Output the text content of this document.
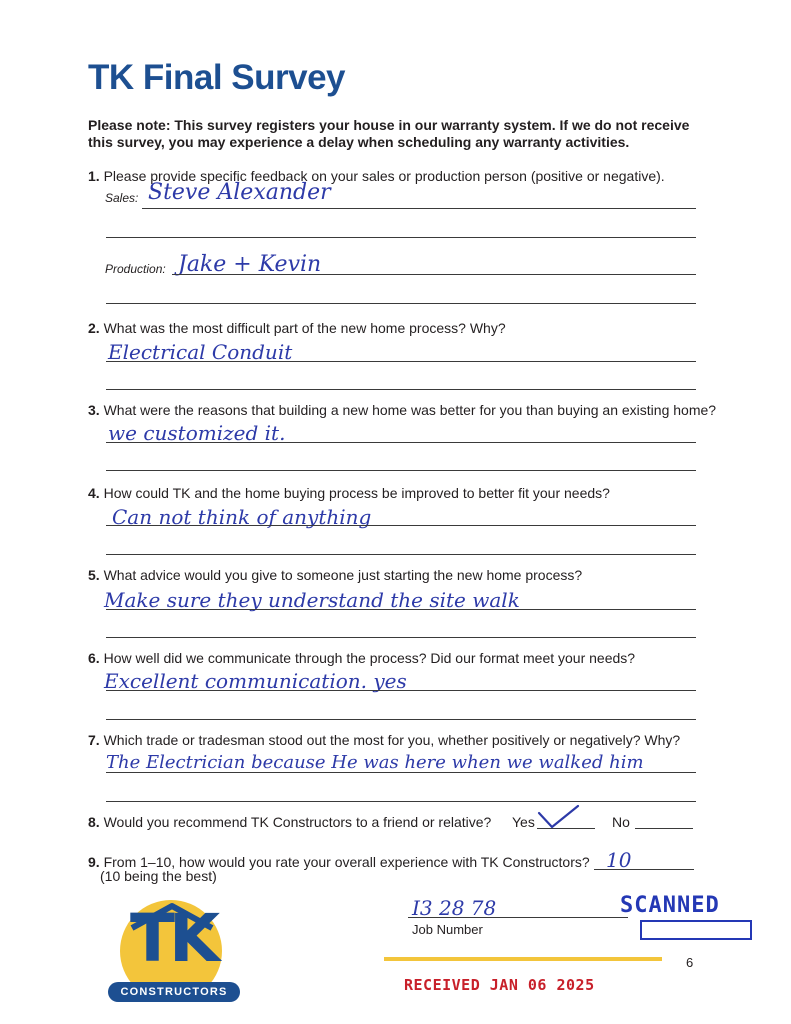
TK Final Survey
Please note: This survey registers your house in our warranty system. If we do not receive this survey, you may experience a delay when scheduling any warranty activities.
1. Please provide specific feedback on your sales or production person (positive or negative).
Sales: Steve Alexander
Production: Jake + Kevin
2. What was the most difficult part of the new home process? Why?
Electrical Conduit
3. What were the reasons that building a new home was better for you than buying an existing home?
we customized it.
4. How could TK and the home buying process be improved to better fit your needs?
Can not think of anything
5. What advice would you give to someone just starting the new home process?
Make sure they understand the site walk
6. How well did we communicate through the process? Did our format meet your needs?
Excellent communication. yes
7. Which trade or tradesman stood out the most for you, whether positively or negatively? Why?
The Electrician because He was here when we walked him
8. Would you recommend TK Constructors to a friend or relative? Yes	No
9. From 1–10, how would yo​u rate your overall experience with TK Constructors?
(10 being the best)
10
I3 28 78
Job Number
SCANNED
6
RECEIVED JAN 06 2025
TK
CONSTRUCTORS
